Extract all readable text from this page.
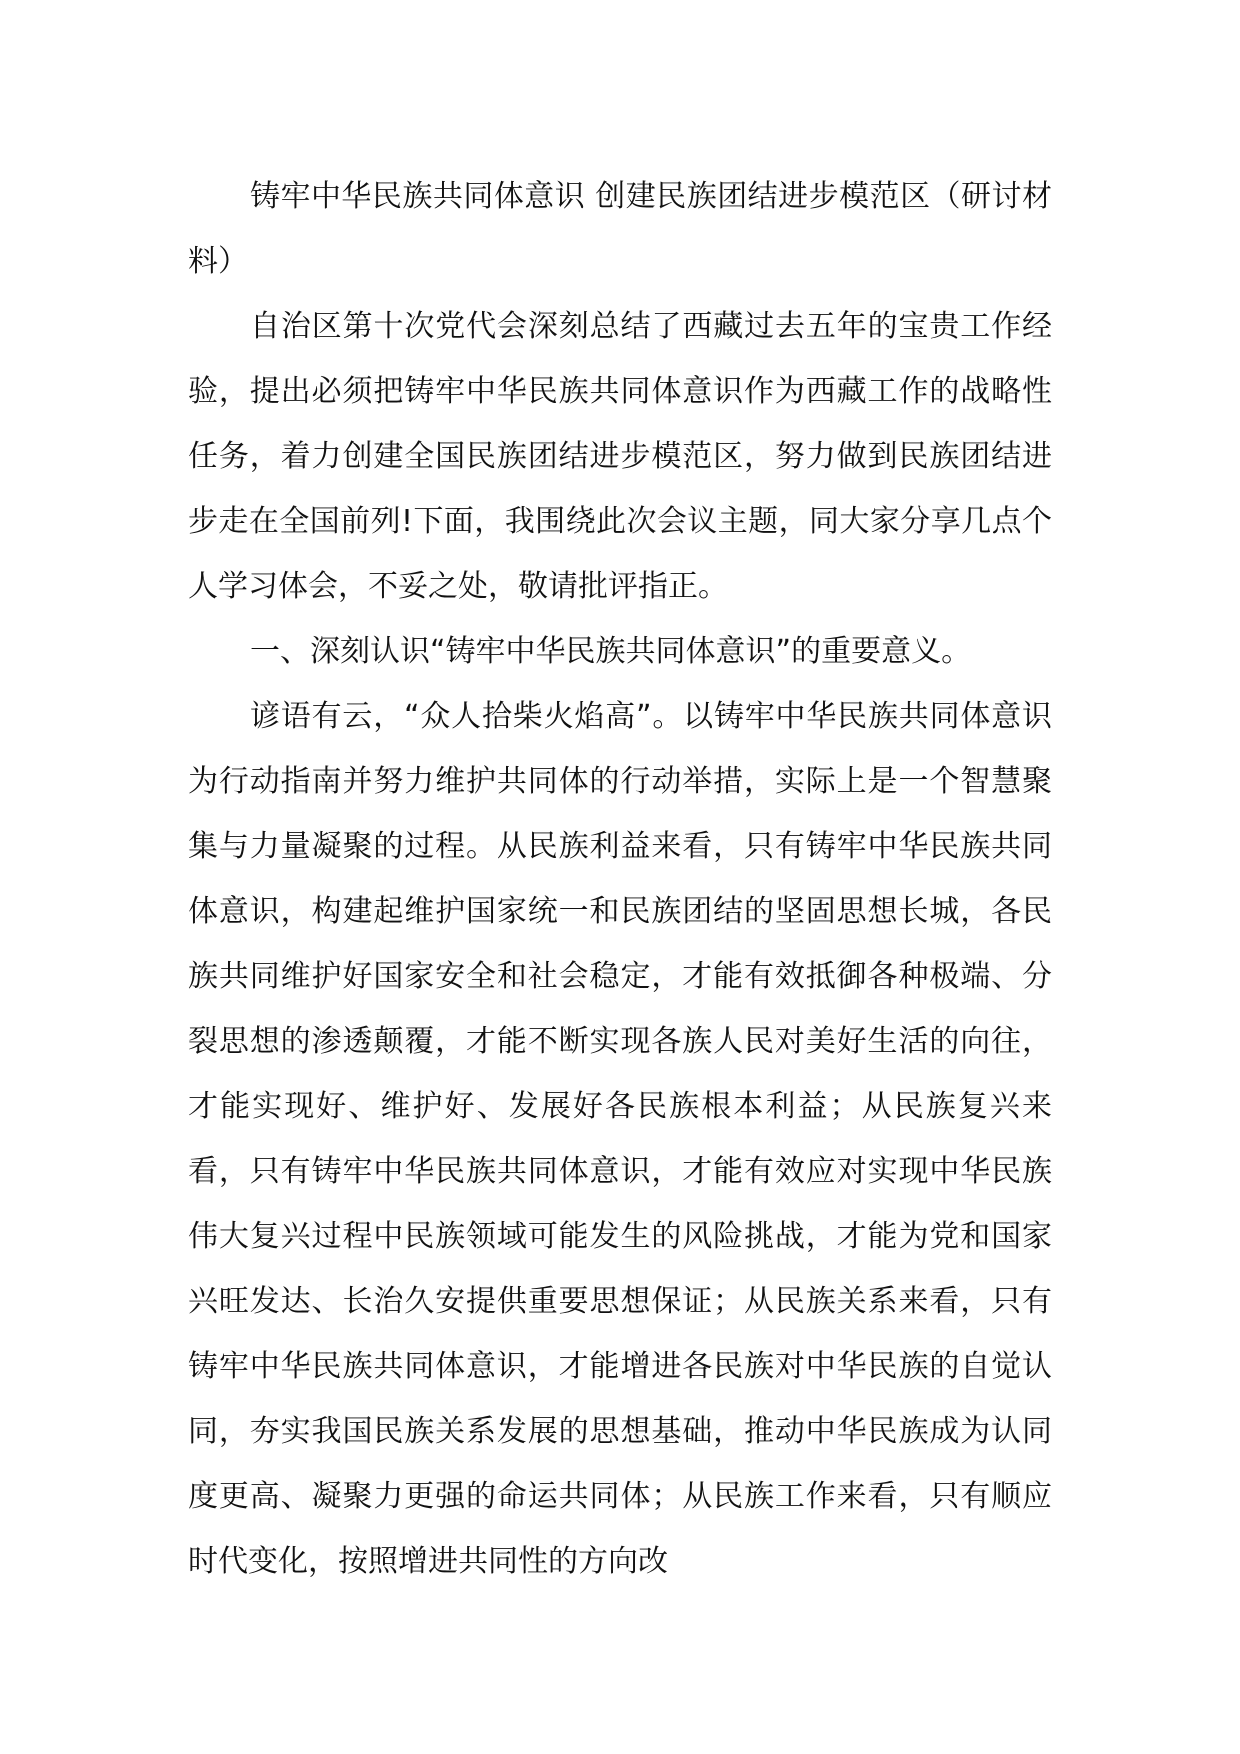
铸牢中华民族共同体意识 创建民族团结进步模范区（研讨材料）

自治区第十次党代会深刻总结了西藏过去五年的宝贵工作经验，提出必须把铸牢中华民族共同体意识作为西藏工作的战略性任务，着力创建全国民族团结进步模范区，努力做到民族团结进步走在全国前列!下面，我围绕此次会议主题，同大家分享几点个人学习体会，不妥之处，敬请批评指正。

一、深刻认识“铸牢中华民族共同体意识”的重要意义。

谚语有云，“众人拾柴火焰高”。以铸牢中华民族共同体意识为行动指南并努力维护共同体的行动举措，实际上是一个智慧聚集与力量凝聚的过程。从民族利益来看，只有铸牢中华民族共同体意识，构建起维护国家统一和民族团结的坚固思想长城，各民族共同维护好国家安全和社会稳定，才能有效抵御各种极端、分裂思想的渗透颠覆，才能不断实现各族人民对美好生活的向往，才能实现好、维护好、发展好各民族根本利益；从民族复兴来看，只有铸牢中华民族共同体意识，才能有效应对实现中华民族伟大复兴过程中民族领域可能发生的风险挑战，才能为党和国家兴旺发达、长治久安提供重要思想保证；从民族关系来看，只有铸牢中华民族共同体意识，才能增进各民族对中华民族的自觉认同，夯实我国民族关系发展的思想基础，推动中华民族成为认同度更高、凝聚力更强的命运共同体；从民族工作来看，只有顺应时代变化，按照增进共同性的方向改
